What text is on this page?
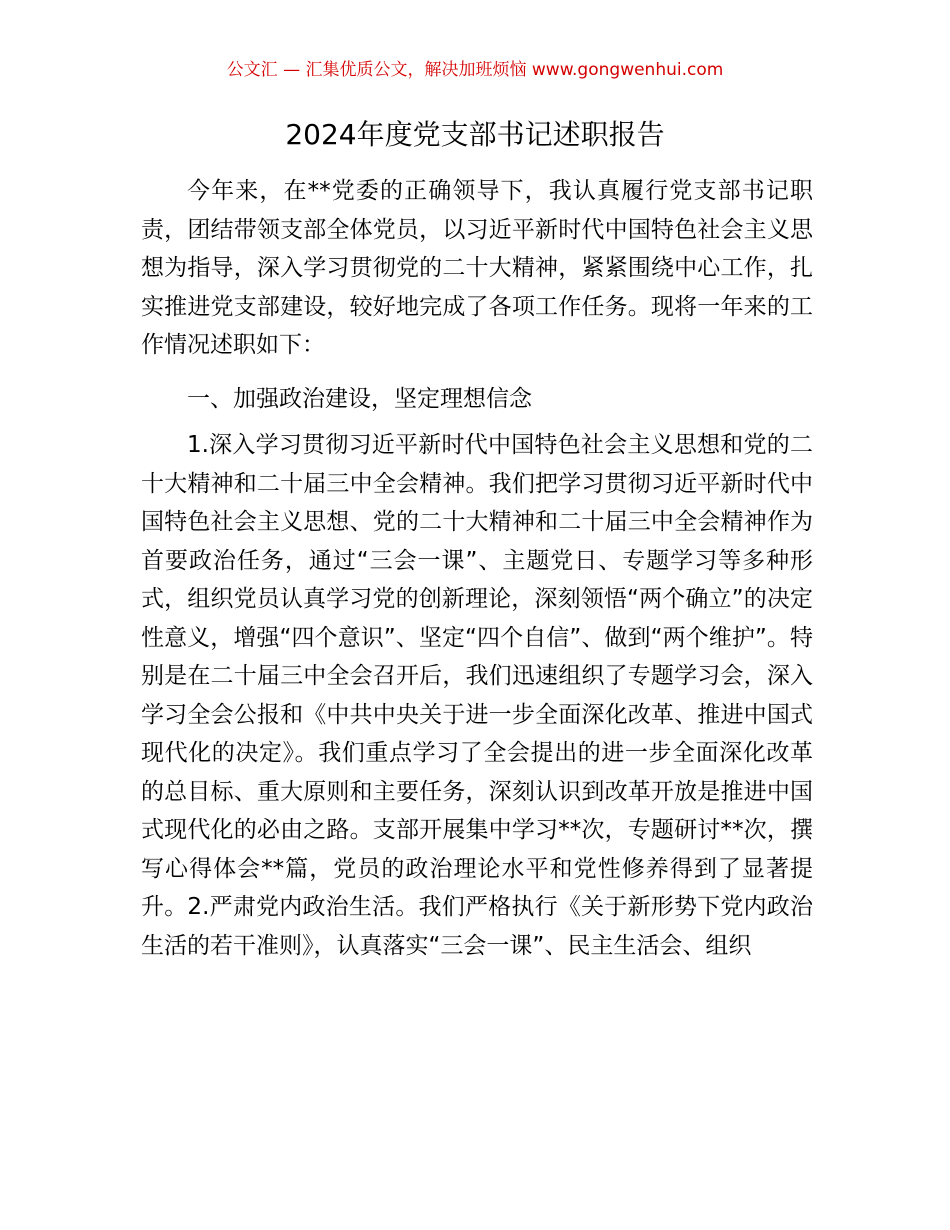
公文汇 — 汇集优质公文，解决加班烦恼 www.gongwenhui.com
2024年度党支部书记述职报告

今年来，在**党委的正确领导下，我认真履行党支部书记职责，团结带领支部全体党员，以习近平新时代中国特色社会主义思想为指导，深入学习贯彻党的二十大精神，紧紧围绕中心工作，扎实推进党支部建设，较好地完成了各项工作任务。现将一年来的工作情况述职如下：

一、加强政治建设，坚定理想信念

1.深入学习贯彻习近平新时代中国特色社会主义思想和党的二十大精神和二十届三中全会精神。我们把学习贯彻习近平新时代中国特色社会主义思想、党的二十大精神和二十届三中全会精神作为首要政治任务，通过“三会一课”、主题党日、专题学习等多种形式，组织党员认真学习党的创新理论，深刻领悟“两个确立”的决定性意义，增强“四个意识”、坚定“四个自信”、做到“两个维护”。特别是在二十届三中全会召开后，我们迅速组织了专题学习会，深入学习全会公报和《中共中央关于进一步全面深化改革、推进中国式现代化的决定》。我们重点学习了全会提出的进一步全面深化改革的总目标、重大原则和主要任务，深刻认识到改革开放是推进中国式现代化的必由之路。支部开展集中学习**次，专题研讨**次，撰写心得体会**篇，党员的政治理论水平和党性修养得到了显著提升。2.严肃党内政治生活。我们严格执行《关于新形势下党内政治生活的若干准则》，认真落实“三会一课”、民主生活会、组织
